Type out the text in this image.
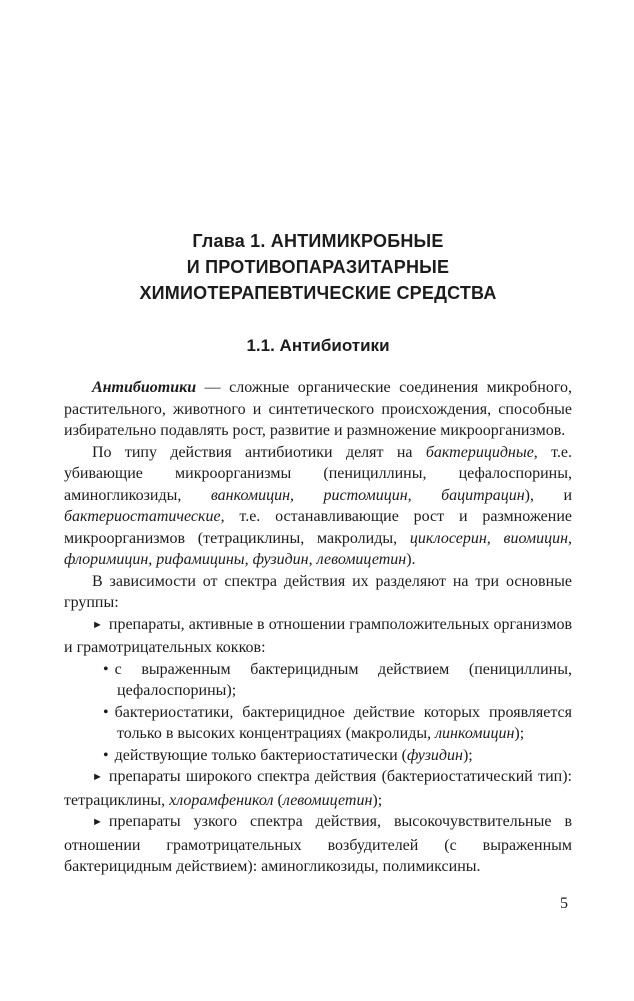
Глава 1. АНТИМИКРОБНЫЕ
И ПРОТИВОПАРАЗИТАРНЫЕ
ХИМИОТЕРАПЕВТИЧЕСКИЕ СРЕДСТВА
1.1. Антибиотики

Антибиотики — сложные органические соединения микробного, растительного, животного и синтетического происхождения, способные избирательно подавлять рост, развитие и размножение микроорганизмов.

По типу действия антибиотики делят на бактерицидные, т.е. убивающие микроорганизмы (пенициллины, цефалоспорины, аминогликозиды, ванкомицин, ристомицин, бацитрацин), и бактериостатические, т.е. останавливающие рост и размножение микроорганизмов (тетрациклины, макролиды, циклосерин, виомицин, флоримицин, рифамицины, фузидин, левомицетин).

В зависимости от спектра действия их разделяют на три основные группы:

► препараты, активные в отношении грамположительных организмов и грамотрицательных кокков:

• с выраженным бактерицидным действием (пенициллины, цефалоспорины);

• бактериостатики, бактерицидное действие которых проявляется только в высоких концентрациях (макролиды, линкомицин);

• действующие только бактериостатически (фузидин);

► препараты широкого спектра действия (бактериостатический тип): тетрациклины, хлорамфеникол (левомицетин);

► препараты узкого спектра действия, высокочувствительные в отношении грамотрицательных возбудителей (с выраженным бактерицидным действием): аминогликозиды, полимиксины.

5
